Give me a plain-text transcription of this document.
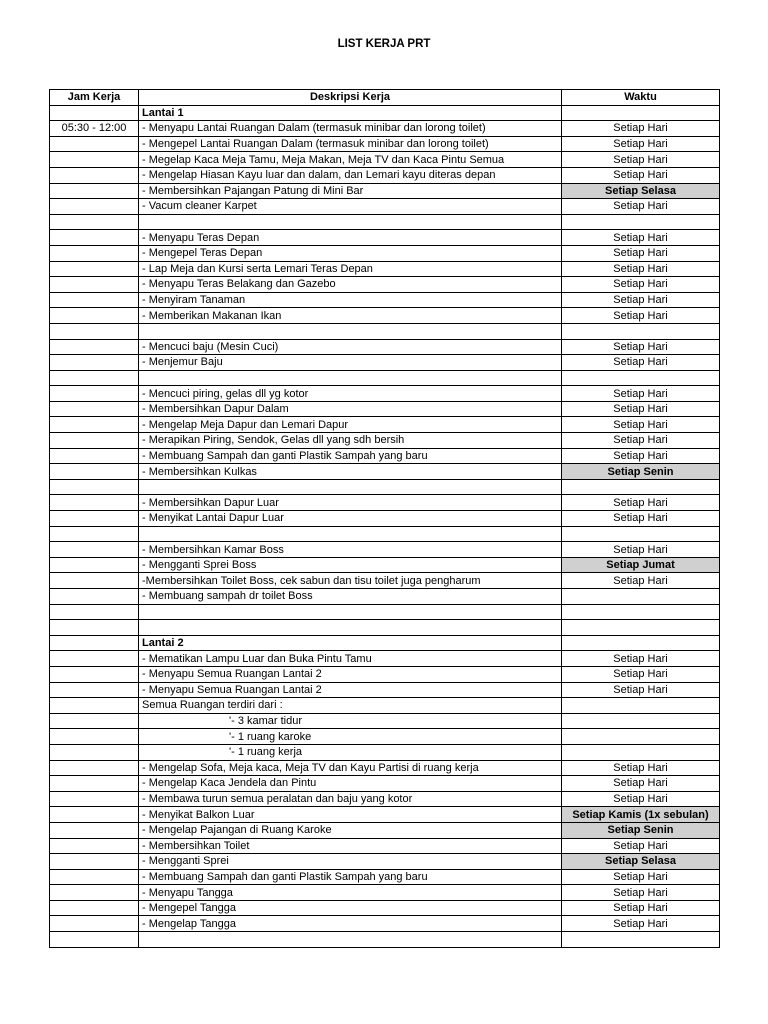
LIST KERJA PRT
Jam Kerja	Deskripsi Kerja	Waktu
	Lantai 1	
05:30 - 12:00	- Menyapu Lantai Ruangan Dalam (termasuk minibar dan lorong toilet)	Setiap Hari
	- Mengepel Lantai Ruangan Dalam (termasuk minibar dan lorong toilet)	Setiap Hari
	- Megelap Kaca Meja Tamu, Meja Makan, Meja TV dan Kaca Pintu Semua	Setiap Hari
	- Mengelap Hiasan Kayu luar dan dalam, dan Lemari kayu diteras depan	Setiap Hari
	- Membersihkan Pajangan Patung di Mini Bar	Setiap Selasa
	- Vacum cleaner Karpet	Setiap Hari

	- Menyapu Teras Depan	Setiap Hari
	- Mengepel Teras Depan	Setiap Hari
	- Lap Meja dan Kursi serta Lemari Teras Depan	Setiap Hari
	- Menyapu Teras Belakang dan Gazebo	Setiap Hari
	- Menyiram Tanaman	Setiap Hari
	- Memberikan Makanan Ikan	Setiap Hari

	- Mencuci baju (Mesin Cuci)	Setiap Hari
	- Menjemur Baju	Setiap Hari

	- Mencuci piring, gelas dll yg kotor	Setiap Hari
	- Membersihkan Dapur Dalam	Setiap Hari
	- Mengelap Meja Dapur dan Lemari Dapur	Setiap Hari
	- Merapikan Piring, Sendok, Gelas dll yang sdh bersih	Setiap Hari
	- Membuang Sampah dan ganti Plastik Sampah yang baru	Setiap Hari
	- Membersihkan Kulkas	Setiap Senin

	- Membersihkan Dapur Luar	Setiap Hari
	- Menyikat Lantai Dapur Luar	Setiap Hari

	- Membersihkan Kamar Boss	Setiap Hari
	- Mengganti Sprei Boss	Setiap Jumat
	-Membersihkan Toilet Boss, cek sabun dan tisu toilet juga pengharum	Setiap Hari
	- Membuang sampah dr toilet Boss	

	Lantai 2	
	- Mematikan Lampu Luar dan Buka Pintu Tamu	Setiap Hari
	- Menyapu Semua Ruangan Lantai 2	Setiap Hari
	- Menyapu Semua Ruangan Lantai 2	Setiap Hari
	Semua Ruangan terdiri dari :	
	'- 3 kamar tidur	
	'- 1 ruang karoke	
	'- 1 ruang kerja	
	- Mengelap Sofa, Meja kaca, Meja TV dan Kayu Partisi di ruang kerja	Setiap Hari
	- Mengelap Kaca Jendela dan Pintu	Setiap Hari
	- Membawa turun semua peralatan dan baju yang kotor	Setiap Hari
	- Menyikat Balkon Luar	Setiap Kamis (1x sebulan)
	- Mengelap Pajangan di Ruang Karoke	Setiap Senin
	- Membersihkan Toilet	Setiap Hari
	- Mengganti Sprei	Setiap Selasa
	- Membuang Sampah dan ganti Plastik Sampah yang baru	Setiap Hari
	- Menyapu Tangga	Setiap Hari
	- Mengepel Tangga	Setiap Hari
	- Mengelap Tangga	Setiap Hari
